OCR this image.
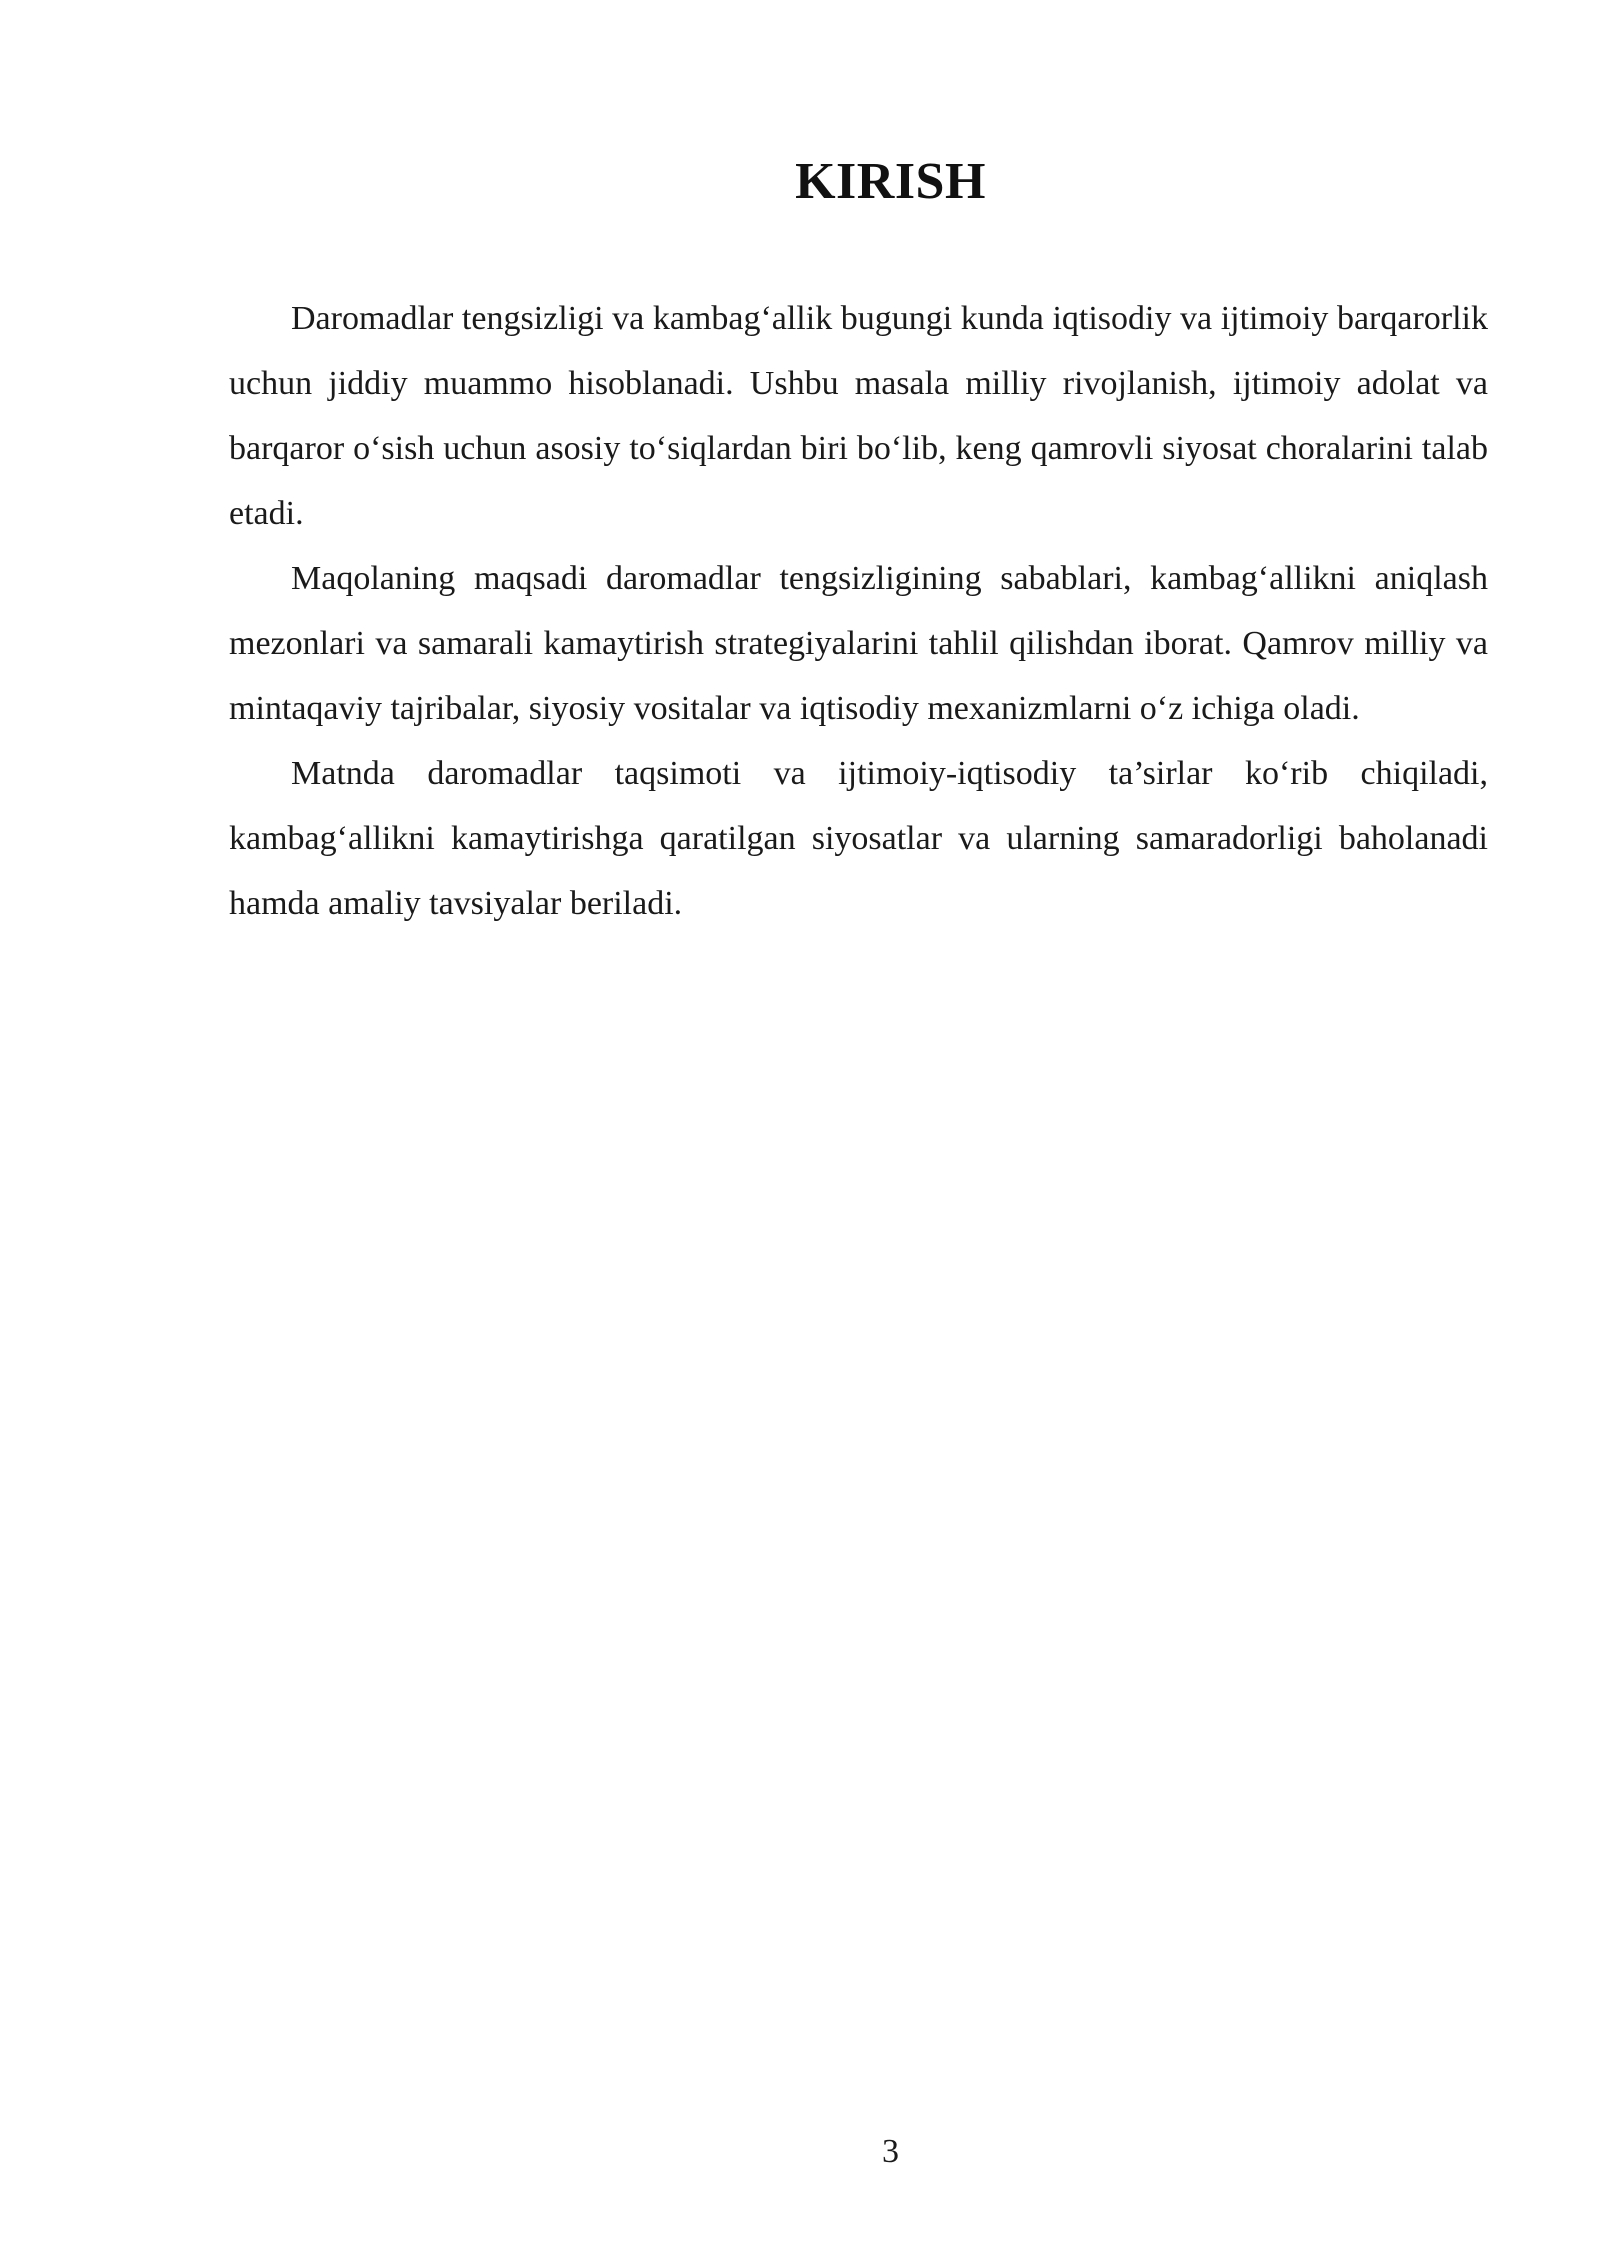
KIRISH

Daromadlar tengsizligi va kambag‘allik bugungi kunda iqtisodiy va ijtimoiy barqarorlik uchun jiddiy muammo hisoblanadi. Ushbu masala milliy rivojlanish, ijtimoiy adolat va barqaror o‘sish uchun asosiy to‘siqlardan biri bo‘lib, keng qamrovli siyosat choralarini talab etadi.

Maqolaning maqsadi daromadlar tengsizligining sabablari, kambag‘allikni aniqlash mezonlari va samarali kamaytirish strategiyalarini tahlil qilishdan iborat. Qamrov milliy va mintaqaviy tajribalar, siyosiy vositalar va iqtisodiy mexanizmlarni o‘z ichiga oladi.

Matnda daromadlar taqsimoti va ijtimoiy-iqtisodiy ta’sirlar ko‘rib chiqiladi, kambag‘allikni kamaytirishga qaratilgan siyosatlar va ularning samaradorligi baholanadi hamda amaliy tavsiyalar beriladi.

3
